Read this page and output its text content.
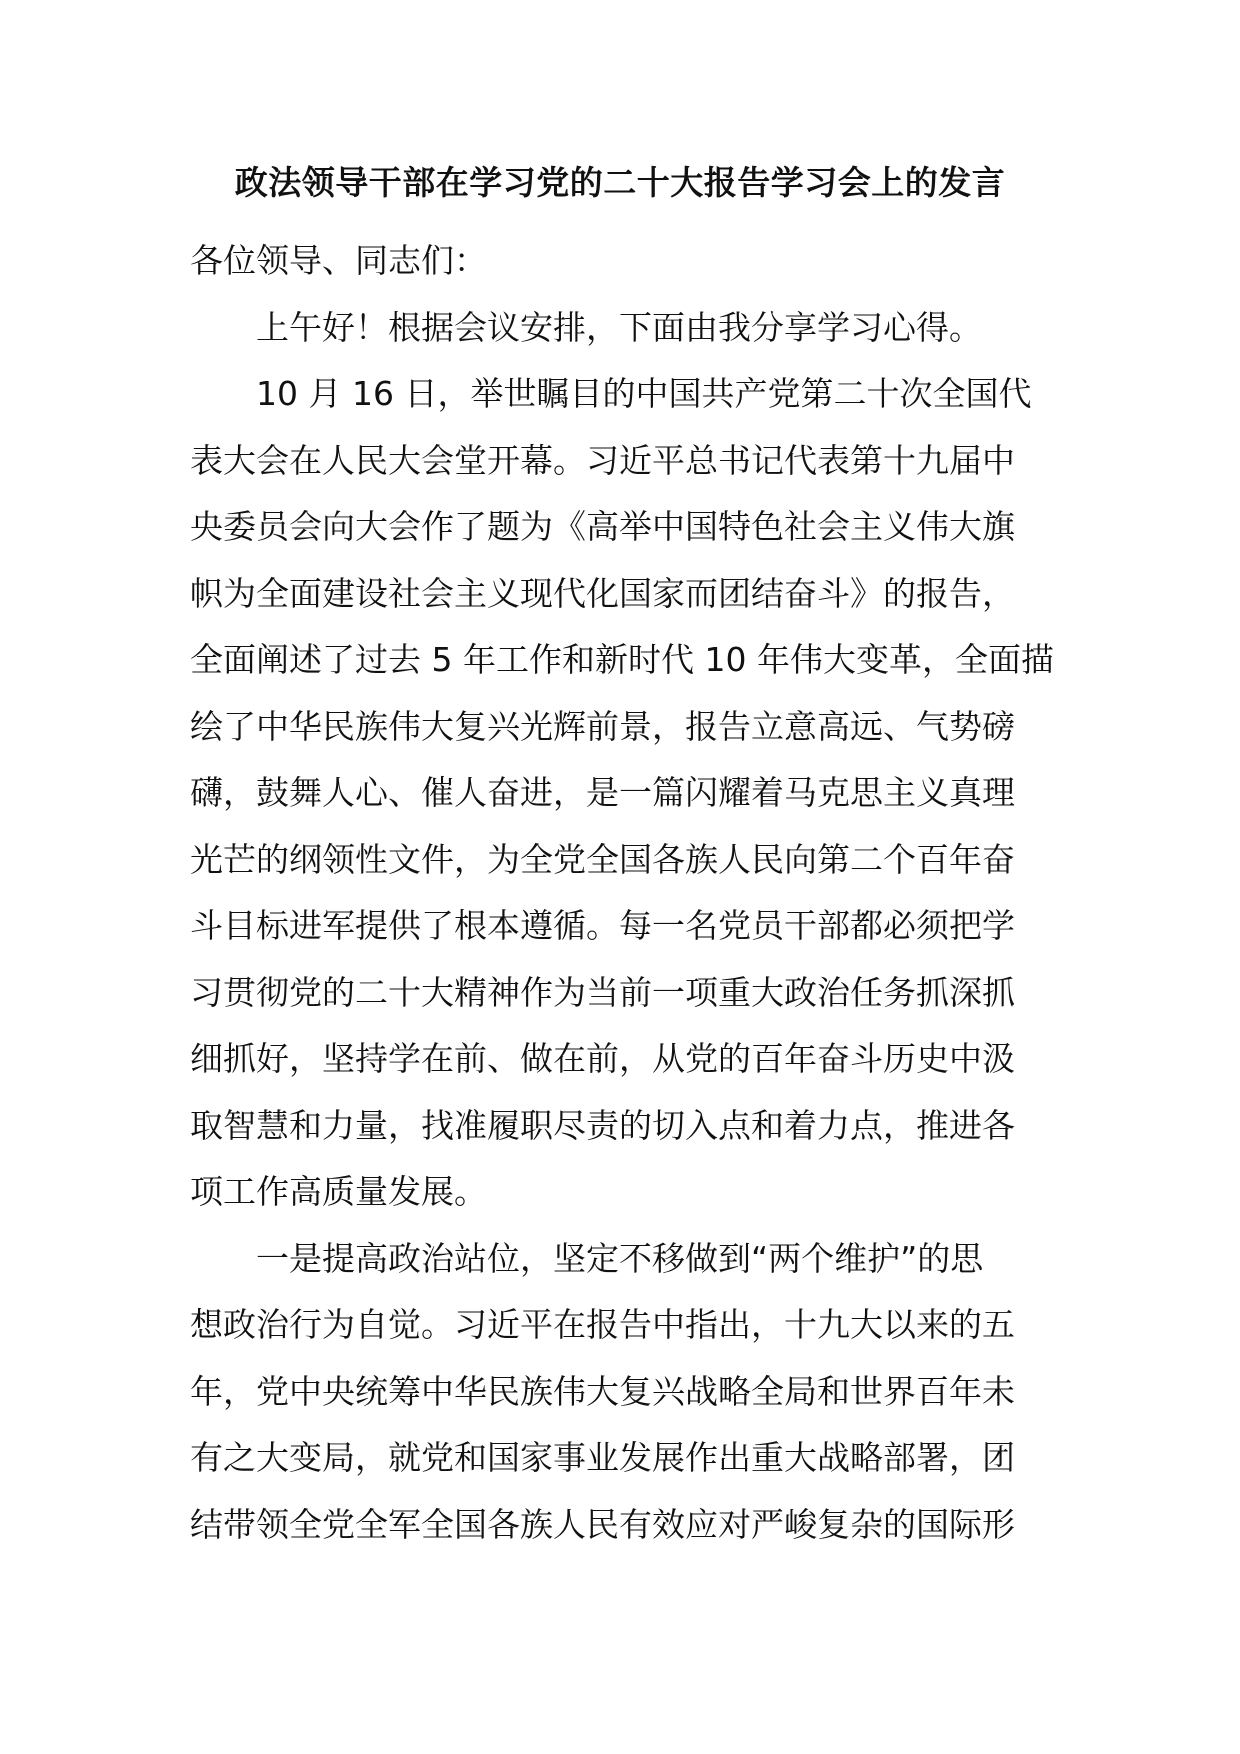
政法领导干部在学习党的二十大报告学习会上的发言

各位领导、同志们：

上午好！根据会议安排，下面由我分享学习心得。

10 月 16 日，举世瞩目的中国共产党第二十次全国代

表大会在人民大会堂开幕。习近平总书记代表第十九届中

央委员会向大会作了题为《高举中国特色社会主义伟大旗

帜为全面建设社会主义现代化国家而团结奋斗》的报告，

全面阐述了过去 5 年工作和新时代 10 年伟大变革，全面描

绘了中华民族伟大复兴光辉前景，报告立意高远、气势磅

礴，鼓舞人心、催人奋进，是一篇闪耀着马克思主义真理

光芒的纲领性文件，为全党全国各族人民向第二个百年奋

斗目标进军提供了根本遵循。每一名党员干部都必须把学

习贯彻党的二十大精神作为当前一项重大政治任务抓深抓

细抓好，坚持学在前、做在前，从党的百年奋斗历史中汲

取智慧和力量，找准履职尽责的切入点和着力点，推进各

项工作高质量发展。

一是提高政治站位，坚定不移做到“两个维护”的思

想政治行为自觉。习近平在报告中指出，十九大以来的五

年，党中央统筹中华民族伟大复兴战略全局和世界百年未

有之大变局，就党和国家事业发展作出重大战略部署，团

结带领全党全军全国各族人民有效应对严峻复杂的国际形
